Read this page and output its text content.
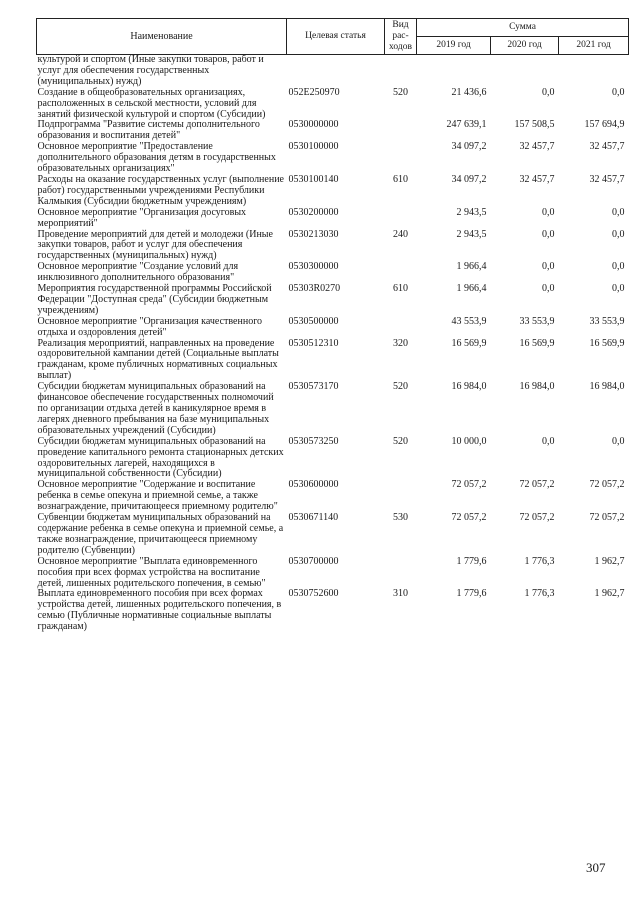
Наименование	Целевая статья	Вид рас-ходов	Сумма		
			2019 год	2020 год	2021 год
культурой и спортом (Иные закупки товаров, работ и услуг для обеспечения государственных (муниципальных) нужд)					
Создание в общеобразовательных организациях, расположенных в сельской местности, условий для занятий физической культурой и спортом (Субсидии)	052E250970	520	21 436,6	0,0	0,0
Подпрограмма "Развитие системы дополнительного образования и воспитания детей"	0530000000		247 639,1	157 508,5	157 694,9
Основное мероприятие "Предоставление дополнительного образования детям в государственных образовательных организациях"	0530100000		34 097,2	32 457,7	32 457,7
Расходы на оказание государственных услуг (выполнение работ) государственными учреждениями Республики Калмыкия (Субсидии бюджетным учреждениям)	0530100140	610	34 097,2	32 457,7	32 457,7
Основное мероприятие "Организация досуговых мероприятий"	0530200000		2 943,5	0,0	0,0
Проведение мероприятий для детей и молодежи (Иные закупки товаров, работ и услуг для обеспечения государственных (муниципальных) нужд)	0530213030	240	2 943,5	0,0	0,0
Основное мероприятие "Создание условий для инклюзивного дополнительного образования"	0530300000		1 966,4	0,0	0,0
Мероприятия государственной программы Российской Федерации "Доступная среда" (Субсидии бюджетным учреждениям)	05303R0270	610	1 966,4	0,0	0,0
Основное мероприятие "Организация качественного отдыха и оздоровления детей"	0530500000		43 553,9	33 553,9	33 553,9
Реализация мероприятий, направленных на проведение оздоровительной кампании детей (Социальные выплаты гражданам, кроме публичных нормативных социальных выплат)	0530512310	320	16 569,9	16 569,9	16 569,9
Субсидии бюджетам муниципальных образований на финансовое обеспечение государственных полномочий по организации отдыха детей в каникулярное время в лагерях дневного пребывания на базе муниципальных образовательных учреждений (Субсидии)	0530573170	520	16 984,0	16 984,0	16 984,0
Субсидии бюджетам муниципальных образований на проведение капитального ремонта стационарных детских оздоровительных лагерей, находящихся в муниципальной собственности (Субсидии)	0530573250	520	10 000,0	0,0	0,0
Основное мероприятие "Содержание и воспитание ребенка в семье опекуна и приемной семье, а также вознаграждение, причитающееся приемному родителю"	0530600000		72 057,2	72 057,2	72 057,2
Субвенции бюджетам муниципальных образований на содержание ребенка в семье опекуна и приемной семье, а также вознаграждение, причитающееся приемному родителю (Субвенции)	0530671140	530	72 057,2	72 057,2	72 057,2
Основное мероприятие "Выплата единовременного пособия при всех формах устройства на воспитание детей, лишенных родительского попечения, в семью"	0530700000		1 779,6	1 776,3	1 962,7
Выплата единовременного пособия при всех формах устройства детей, лишенных родительского попечения, в семью (Публичные нормативные социальные выплаты гражданам)	0530752600	310	1 779,6	1 776,3	1 962,7
307
